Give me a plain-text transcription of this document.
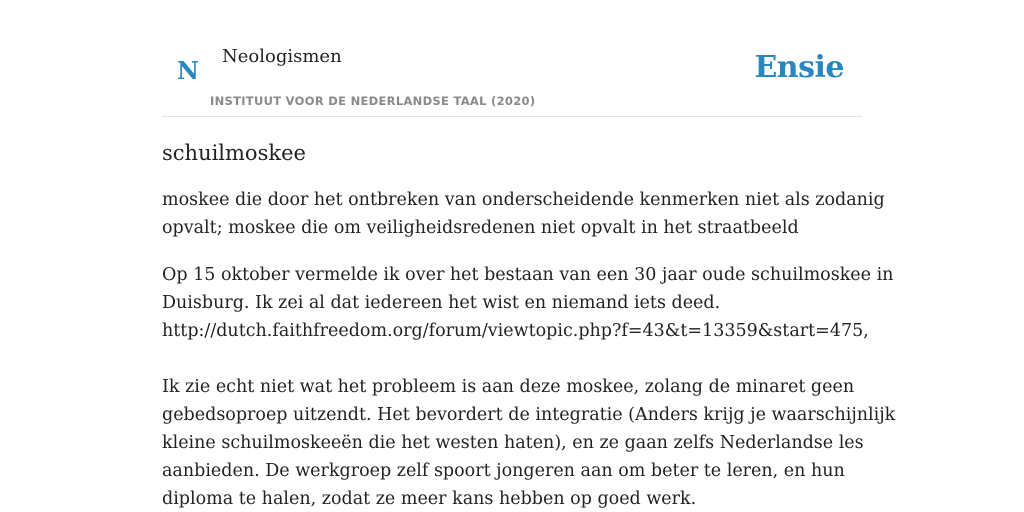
N Neologismen
INSTITUUT VOOR DE NEDERLANDSE TAAL (2020)
Ensie
schuilmoskee

moskee die door het ontbreken van onderscheidende kenmerken niet als zodanig
opvalt; moskee die om veiligheidsredenen niet opvalt in het straatbeeld

Op 15 oktober vermelde ik over het bestaan van een 30 jaar oude schuilmoskee in
Duisburg. Ik zei al dat iedereen het wist en niemand iets deed.
http://dutch.faithfreedom.org/forum/viewtopic.php?f=43&t=13359&start=475,
Ik zie echt niet wat het probleem is aan deze moskee, zolang de minaret geen
gebedsoproep uitzendt. Het bevordert de integratie (Anders krijg je waarschijnlijk
kleine schuilmoskeeën die het westen haten), en ze gaan zelfs Nederlandse les
aanbieden. De werkgroep zelf spoort jongeren aan om beter te leren, en hun
diploma te halen, zodat ze meer kans hebben op goed werk.
